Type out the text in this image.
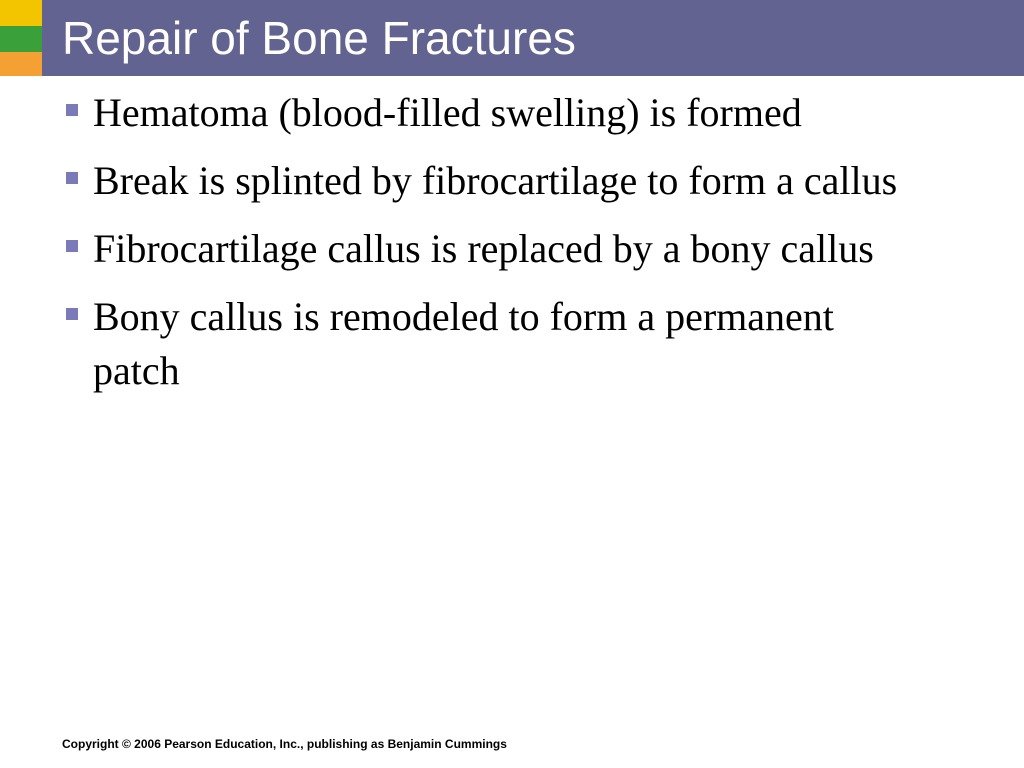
Repair of Bone Fractures
Hematoma (blood-filled swelling) is formed
Break is splinted by fibrocartilage to form a callus
Fibrocartilage callus is replaced by a bony callus
Bony callus is remodeled to form a permanent patch
Copyright © 2006 Pearson Education, Inc., publishing as Benjamin Cummings
